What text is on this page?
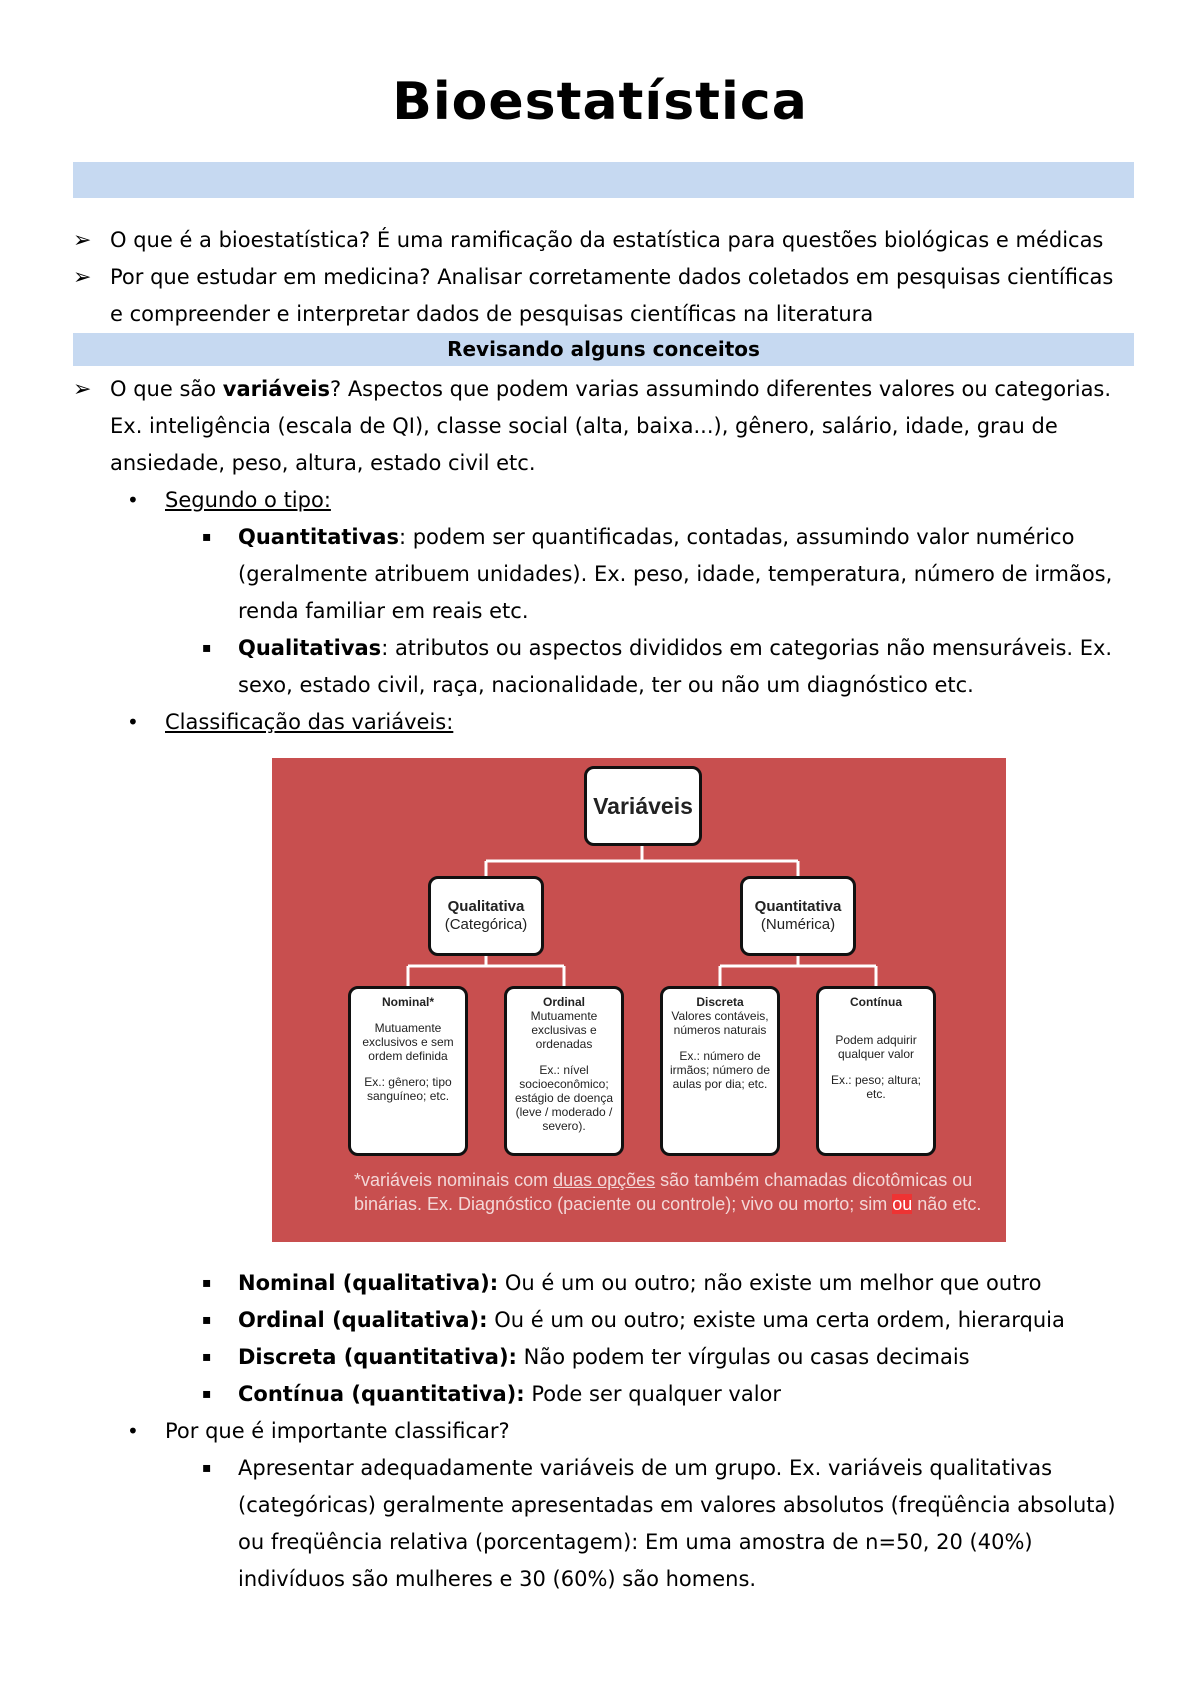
Bioestatística
➢ O que é a bioestatística? É uma ramificação da estatística para questões biológicas e médicas
➢ Por que estudar em medicina? Analisar corretamente dados coletados em pesquisas científicas
e compreender e interpretar dados de pesquisas científicas na literatura
Revisando alguns conceitos
➢ O que são variáveis? Aspectos que podem varias assumindo diferentes valores ou categorias.
Ex. inteligência (escala de QI), classe social (alta, baixa...), gênero, salário, idade, grau de
ansiedade, peso, altura, estado civil etc.
• Segundo o tipo:
▪ Quantitativas: podem ser quantificadas, contadas, assumindo valor numérico
(geralmente atribuem unidades). Ex. peso, idade, temperatura, número de irmãos,
renda familiar em reais etc.
▪ Qualitativas: atributos ou aspectos divididos em categorias não mensuráveis. Ex.
sexo, estado civil, raça, nacionalidade, ter ou não um diagnóstico etc.
• Classificação das variáveis:
Variáveis
Qualitativa
(Categórica)
Quantitativa
(Numérica)
Nominal*
Mutuamente exclusivos e sem ordem definida
Ex.: gênero; tipo sanguíneo; etc.
Ordinal
Mutuamente exclusivas e ordenadas
Ex.: nível socioeconômico; estágio de doença (leve / moderado / severo).
Discreta
Valores contáveis, números naturais
Ex.: número de irmãos; número de aulas por dia; etc.
Contínua
Podem adquirir qualquer valor
Ex.: peso; altura; etc.
*variáveis nominais com duas opções são também chamadas dicotômicas ou binárias. Ex. Diagnóstico (paciente ou controle); vivo ou morto; sim ou não etc.
▪ Nominal (qualitativa): Ou é um ou outro; não existe um melhor que outro
▪ Ordinal (qualitativa): Ou é um ou outro; existe uma certa ordem, hierarquia
▪ Discreta (quantitativa): Não podem ter vírgulas ou casas decimais
▪ Contínua (quantitativa): Pode ser qualquer valor
• Por que é importante classificar?
▪ Apresentar adequadamente variáveis de um grupo. Ex. variáveis qualitativas
(categóricas) geralmente apresentadas em valores absolutos (freqüência absoluta)
ou freqüência relativa (porcentagem): Em uma amostra de n=50, 20 (40%)
indivíduos são mulheres e 30 (60%) são homens.
